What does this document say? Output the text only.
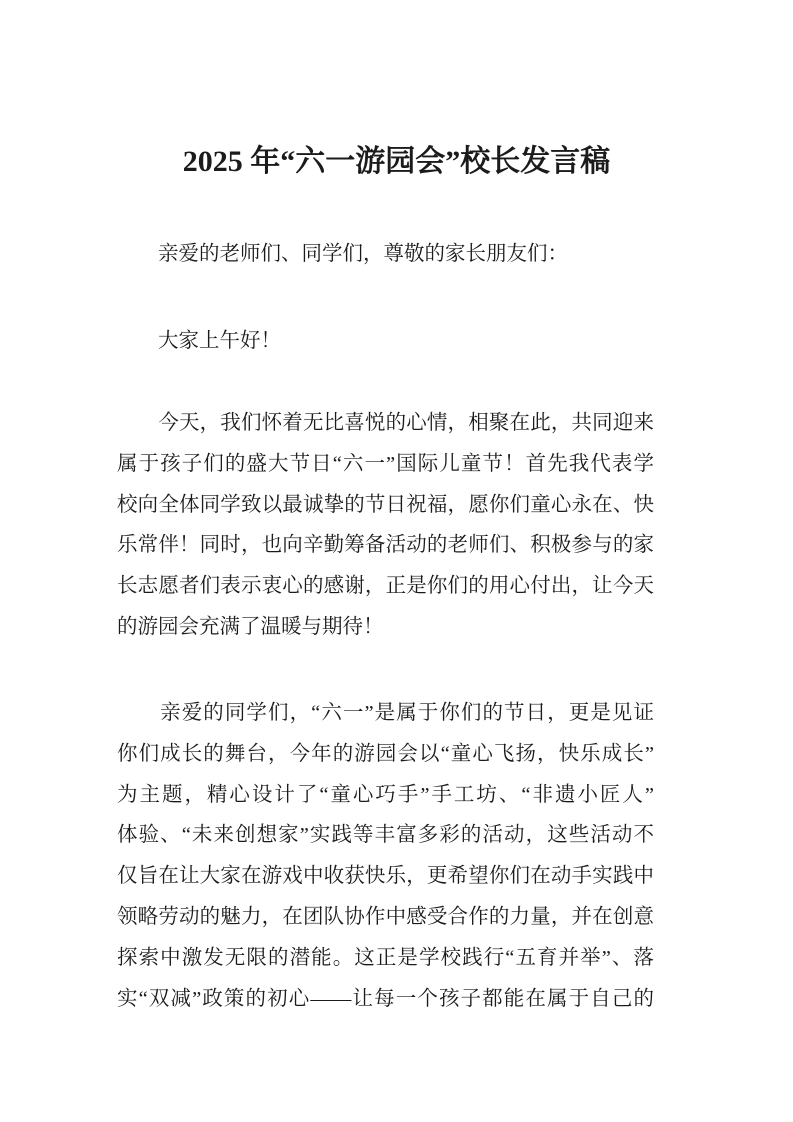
2025 年“六一游园会”校长发言稿
　　亲爱的老师们、同学们，尊敬的家长朋友们：
　　大家上午好！
　　今天，我们怀着无比喜悦的心情，相聚在此，共同迎来
属于孩子们的盛大节日“六一”国际儿童节！首先我代表学
校向全体同学致以最诚挚的节日祝福，愿你们童心永在、快
乐常伴！同时，也向辛勤筹备活动的老师们、积极参与的家
长志愿者们表示衷心的感谢，正是你们的用心付出，让今天
的游园会充满了温暖与期待！
　　亲爱的同学们，“六一”是属于你们的节日，更是见证
你们成长的舞台，今年的游园会以“童心飞扬，快乐成长”
为主题，精心设计了“童心巧手”手工坊、“非遗小匠人”
体验、“未来创想家”实践等丰富多彩的活动，这些活动不
仅旨在让大家在游戏中收获快乐，更希望你们在动手实践中
领略劳动的魅力，在团队协作中感受合作的力量，并在创意
探索中激发无限的潜能。这正是学校践行“五育并举”、落
实“双减”政策的初心——让每一个孩子都能在属于自己的
